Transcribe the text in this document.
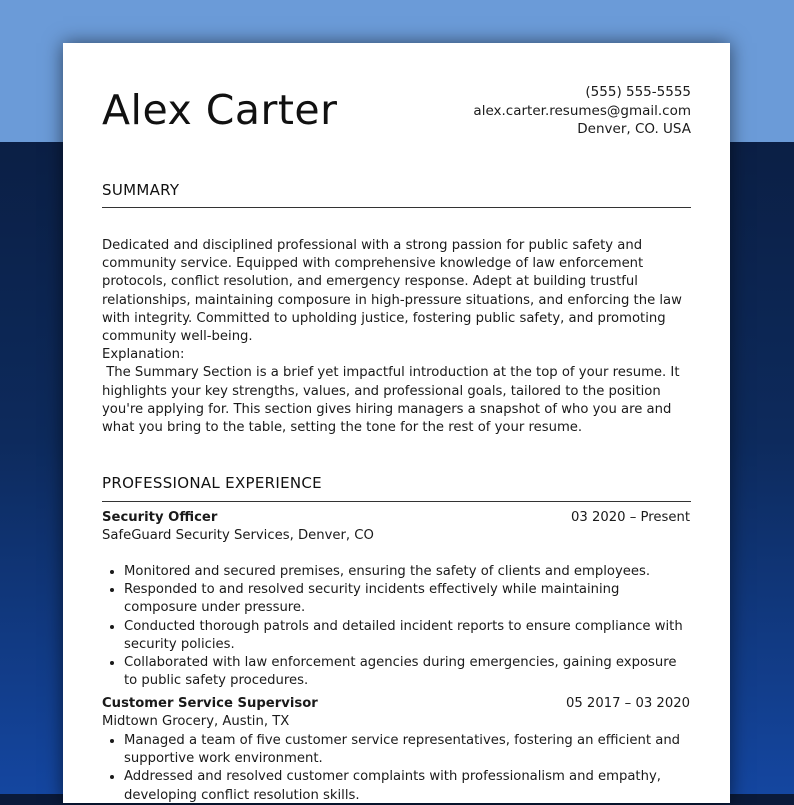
Alex Carter	(555) 555-5555
alex.carter.resumes@gmail.com
Denver, CO. USA
SUMMARY

Dedicated and disciplined professional with a strong passion for public safety and community service. Equipped with comprehensive knowledge of law enforcement protocols, conflict resolution, and emergency response. Adept at building trustful relationships, maintaining composure in high-pressure situations, and enforcing the law with integrity. Committed to upholding justice, fostering public safety, and promoting community well-being.

Explanation:

The Summary Section is a brief yet impactful introduction at the top of your resume. It highlights your key strengths, values, and professional goals, tailored to the position you're applying for. This section gives hiring managers a snapshot of who you are and what you bring to the table, setting the tone for the rest of your resume.

PROFESSIONAL EXPERIENCE
Security Officer	03 2020 – Present
SafeGuard Security Services, Denver, CO
• Monitored and secured premises, ensuring the safety of clients and employees.
• Responded to and resolved security incidents effectively while maintaining composure under pressure.
• Conducted thorough patrols and detailed incident reports to ensure compliance with security policies.
• Collaborated with law enforcement agencies during emergencies, gaining exposure to public safety procedures.
Customer Service Supervisor	05 2017 – 03 2020
Midtown Grocery, Austin, TX
• Managed a team of five customer service representatives, fostering an efficient and supportive work environment.
• Addressed and resolved customer complaints with professionalism and empathy, developing conflict resolution skills.
